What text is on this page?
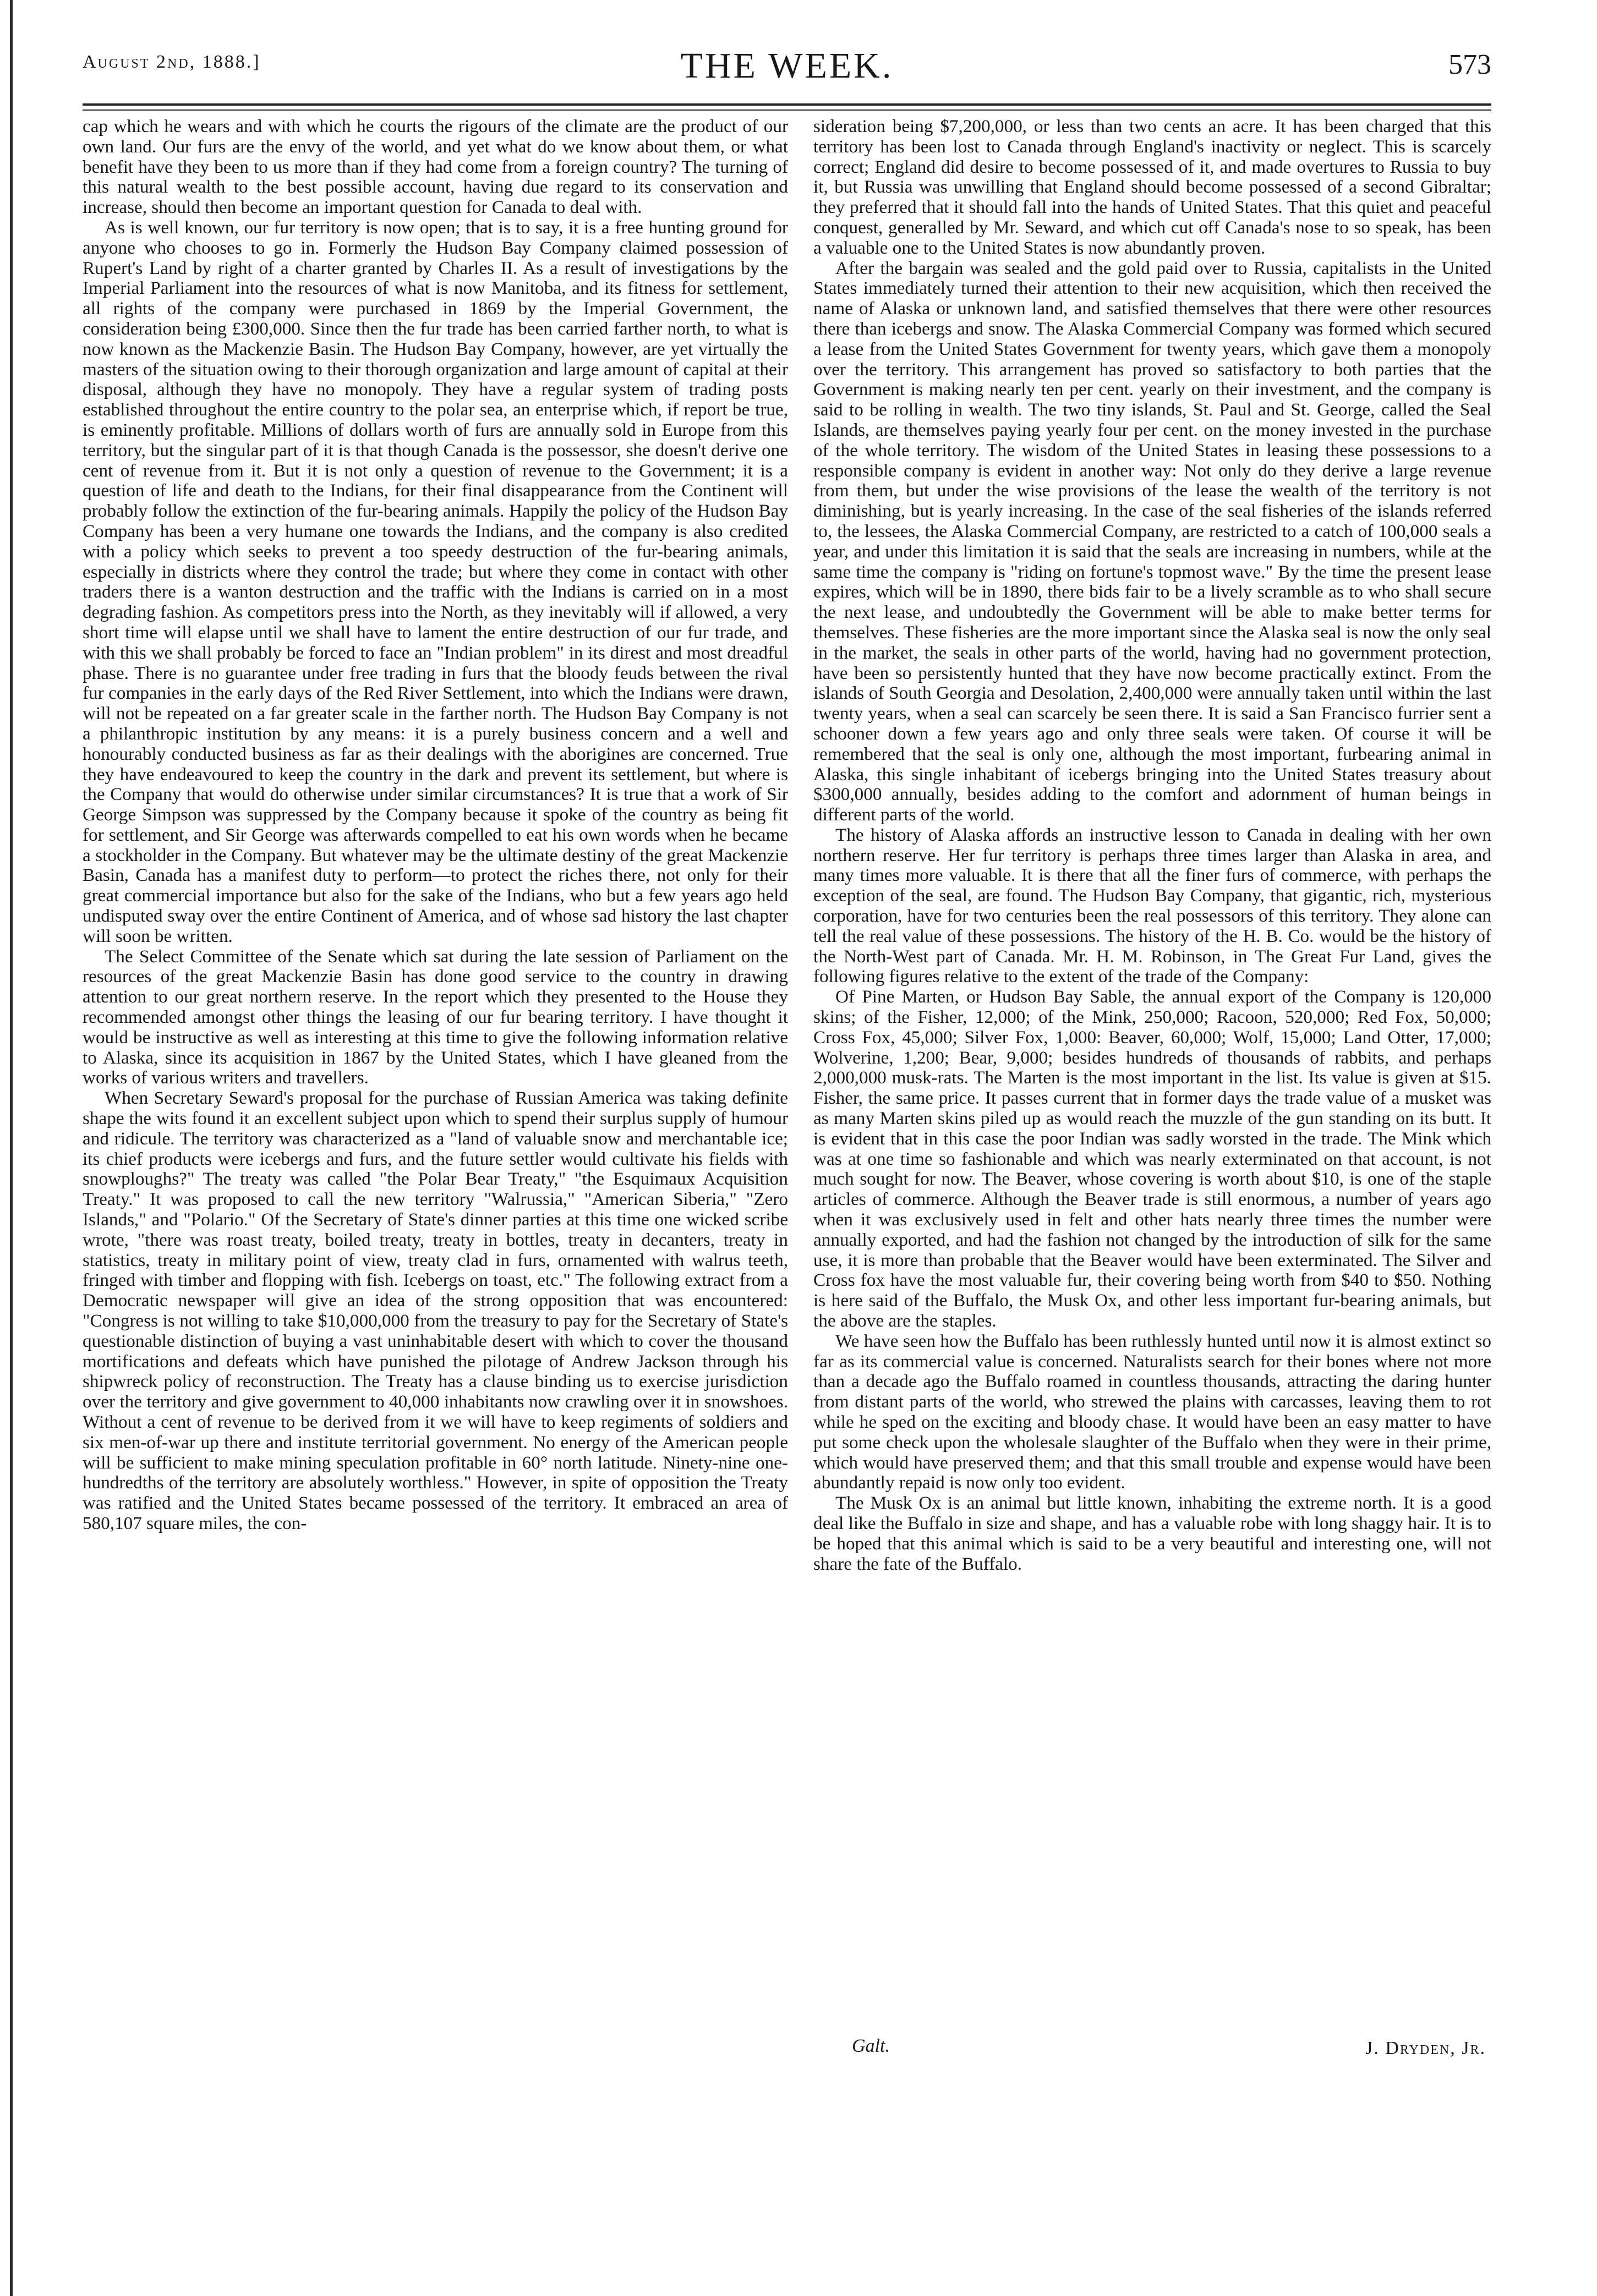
August 2nd, 1888.]	THE WEEK.	573

cap which he wears and with which he courts the rigours of the climate are the product of our own land. Our furs are the envy of the world, and yet what do we know about them, or what benefit have they been to us more than if they had come from a foreign country? The turning of this natural wealth to the best possible account, having due regard to its conservation and increase, should then become an important question for Canada to deal with.

As is well known, our fur territory is now open; that is to say, it is a free hunting ground for anyone who chooses to go in. Formerly the Hudson Bay Company claimed possession of Rupert's Land by right of a charter granted by Charles II. As a result of investigations by the Imperial Parliament into the resources of what is now Manitoba, and its fitness for settlement, all rights of the company were purchased in 1869 by the Imperial Government, the consideration being £300,000. Since then the fur trade has been carried farther north, to what is now known as the Mackenzie Basin. The Hudson Bay Company, however, are yet virtually the masters of the situation owing to their thorough organization and large amount of capital at their disposal, although they have no monopoly. They have a regular system of trading posts established throughout the entire country to the polar sea, an enterprise which, if report be true, is eminently profitable. Millions of dollars worth of furs are annually sold in Europe from this territory, but the singular part of it is that though Canada is the possessor, she doesn't derive one cent of revenue from it. But it is not only a question of revenue to the Government; it is a question of life and death to the Indians, for their final disappearance from the Continent will probably follow the extinction of the fur-bearing animals. Happily the policy of the Hudson Bay Company has been a very humane one towards the Indians, and the company is also credited with a policy which seeks to prevent a too speedy destruction of the fur-bearing animals, especially in districts where they control the trade; but where they come in contact with other traders there is a wanton destruction and the traffic with the Indians is carried on in a most degrading fashion. As competitors press into the North, as they inevitably will if allowed, a very short time will elapse until we shall have to lament the entire destruction of our fur trade, and with this we shall probably be forced to face an "Indian problem" in its direst and most dreadful phase. There is no guarantee under free trading in furs that the bloody feuds between the rival fur companies in the early days of the Red River Settlement, into which the Indians were drawn, will not be repeated on a far greater scale in the farther north. The Hudson Bay Company is not a philanthropic institution by any means: it is a purely business concern and a well and honourably conducted business as far as their dealings with the aborigines are concerned. True they have endeavoured to keep the country in the dark and prevent its settlement, but where is the Company that would do otherwise under similar circumstances? It is true that a work of Sir George Simpson was suppressed by the Company because it spoke of the country as being fit for settlement, and Sir George was afterwards compelled to eat his own words when he became a stockholder in the Company. But whatever may be the ultimate destiny of the great Mackenzie Basin, Canada has a manifest duty to perform—to protect the riches there, not only for their great commercial importance but also for the sake of the Indians, who but a few years ago held undisputed sway over the entire Continent of America, and of whose sad history the last chapter will soon be written.

The Select Committee of the Senate which sat during the late session of Parliament on the resources of the great Mackenzie Basin has done good service to the country in drawing attention to our great northern reserve. In the report which they presented to the House they recommended amongst other things the leasing of our fur bearing territory. I have thought it would be instructive as well as interesting at this time to give the following information relative to Alaska, since its acquisition in 1867 by the United States, which I have gleaned from the works of various writers and travellers.

When Secretary Seward's proposal for the purchase of Russian America was taking definite shape the wits found it an excellent subject upon which to spend their surplus supply of humour and ridicule. The territory was characterized as a "land of valuable snow and merchantable ice; its chief products were icebergs and furs, and the future settler would cultivate his fields with snowploughs?" The treaty was called "the Polar Bear Treaty," "the Esquimaux Acquisition Treaty." It was proposed to call the new territory "Walrussia," "American Siberia," "Zero Islands," and "Polario." Of the Secretary of State's dinner parties at this time one wicked scribe wrote, "there was roast treaty, boiled treaty, treaty in bottles, treaty in decanters, treaty in statistics, treaty in military point of view, treaty clad in furs, ornamented with walrus teeth, fringed with timber and flopping with fish. Icebergs on toast, etc." The following extract from a Democratic newspaper will give an idea of the strong opposition that was encountered: "Congress is not willing to take $10,000,000 from the treasury to pay for the Secretary of State's questionable distinction of buying a vast uninhabitable desert with which to cover the thousand mortifications and defeats which have punished the pilotage of Andrew Jackson through his shipwreck policy of reconstruction. The Treaty has a clause binding us to exercise jurisdiction over the territory and give government to 40,000 inhabitants now crawling over it in snowshoes. Without a cent of revenue to be derived from it we will have to keep regiments of soldiers and six men-of-war up there and institute territorial government. No energy of the American people will be sufficient to make mining speculation profitable in 60° north latitude. Ninety-nine one-hundredths of the territory are absolutely worthless." However, in spite of opposition the Treaty was ratified and the United States became possessed of the territory. It embraced an area of 580,107 square miles, the con-

sideration being $7,200,000, or less than two cents an acre. It has been charged that this territory has been lost to Canada through England's inactivity or neglect. This is scarcely correct; England did desire to become possessed of it, and made overtures to Russia to buy it, but Russia was unwilling that England should become possessed of a second Gibraltar; they preferred that it should fall into the hands of United States. That this quiet and peaceful conquest, generalled by Mr. Seward, and which cut off Canada's nose to so speak, has been a valuable one to the United States is now abundantly proven.

After the bargain was sealed and the gold paid over to Russia, capitalists in the United States immediately turned their attention to their new acquisition, which then received the name of Alaska or unknown land, and satisfied themselves that there were other resources there than icebergs and snow. The Alaska Commercial Company was formed which secured a lease from the United States Government for twenty years, which gave them a monopoly over the territory. This arrangement has proved so satisfactory to both parties that the Government is making nearly ten per cent. yearly on their investment, and the company is said to be rolling in wealth. The two tiny islands, St. Paul and St. George, called the Seal Islands, are themselves paying yearly four per cent. on the money invested in the purchase of the whole territory. The wisdom of the United States in leasing these possessions to a responsible company is evident in another way: Not only do they derive a large revenue from them, but under the wise provisions of the lease the wealth of the territory is not diminishing, but is yearly increasing. In the case of the seal fisheries of the islands referred to, the lessees, the Alaska Commercial Company, are restricted to a catch of 100,000 seals a year, and under this limitation it is said that the seals are increasing in numbers, while at the same time the company is "riding on fortune's topmost wave." By the time the present lease expires, which will be in 1890, there bids fair to be a lively scramble as to who shall secure the next lease, and undoubtedly the Government will be able to make better terms for themselves. These fisheries are the more important since the Alaska seal is now the only seal in the market, the seals in other parts of the world, having had no government protection, have been so persistently hunted that they have now become practically extinct. From the islands of South Georgia and Desolation, 2,400,000 were annually taken until within the last twenty years, when a seal can scarcely be seen there. It is said a San Francisco furrier sent a schooner down a few years ago and only three seals were taken. Of course it will be remembered that the seal is only one, although the most important, furbearing animal in Alaska, this single inhabitant of icebergs bringing into the United States treasury about $300,000 annually, besides adding to the comfort and adornment of human beings in different parts of the world.

The history of Alaska affords an instructive lesson to Canada in dealing with her own northern reserve. Her fur territory is perhaps three times larger than Alaska in area, and many times more valuable. It is there that all the finer furs of commerce, with perhaps the exception of the seal, are found. The Hudson Bay Company, that gigantic, rich, mysterious corporation, have for two centuries been the real possessors of this territory. They alone can tell the real value of these possessions. The history of the H. B. Co. would be the history of the North-West part of Canada. Mr. H. M. Robinson, in The Great Fur Land, gives the following figures relative to the extent of the trade of the Company:

Of Pine Marten, or Hudson Bay Sable, the annual export of the Company is 120,000 skins; of the Fisher, 12,000; of the Mink, 250,000; Racoon, 520,000; Red Fox, 50,000; Cross Fox, 45,000; Silver Fox, 1,000: Beaver, 60,000; Wolf, 15,000; Land Otter, 17,000; Wolverine, 1,200; Bear, 9,000; besides hundreds of thousands of rabbits, and perhaps 2,000,000 musk-rats. The Marten is the most important in the list. Its value is given at $15. Fisher, the same price. It passes current that in former days the trade value of a musket was as many Marten skins piled up as would reach the muzzle of the gun standing on its butt. It is evident that in this case the poor Indian was sadly worsted in the trade. The Mink which was at one time so fashionable and which was nearly exterminated on that account, is not much sought for now. The Beaver, whose covering is worth about $10, is one of the staple articles of commerce. Although the Beaver trade is still enormous, a number of years ago when it was exclusively used in felt and other hats nearly three times the number were annually exported, and had the fashion not changed by the introduction of silk for the same use, it is more than probable that the Beaver would have been exterminated. The Silver and Cross fox have the most valuable fur, their covering being worth from $40 to $50. Nothing is here said of the Buffalo, the Musk Ox, and other less important fur-bearing animals, but the above are the staples.

We have seen how the Buffalo has been ruthlessly hunted until now it is almost extinct so far as its commercial value is concerned. Naturalists search for their bones where not more than a decade ago the Buffalo roamed in countless thousands, attracting the daring hunter from distant parts of the world, who strewed the plains with carcasses, leaving them to rot while he sped on the exciting and bloody chase. It would have been an easy matter to have put some check upon the wholesale slaughter of the Buffalo when they were in their prime, which would have preserved them; and that this small trouble and expense would have been abundantly repaid is now only too evident.

The Musk Ox is an animal but little known, inhabiting the extreme north. It is a good deal like the Buffalo in size and shape, and has a valuable robe with long shaggy hair. It is to be hoped that this animal which is said to be a very beautiful and interesting one, will not share the fate of the Buffalo.

Galt.	J. Dryden, Jr.
